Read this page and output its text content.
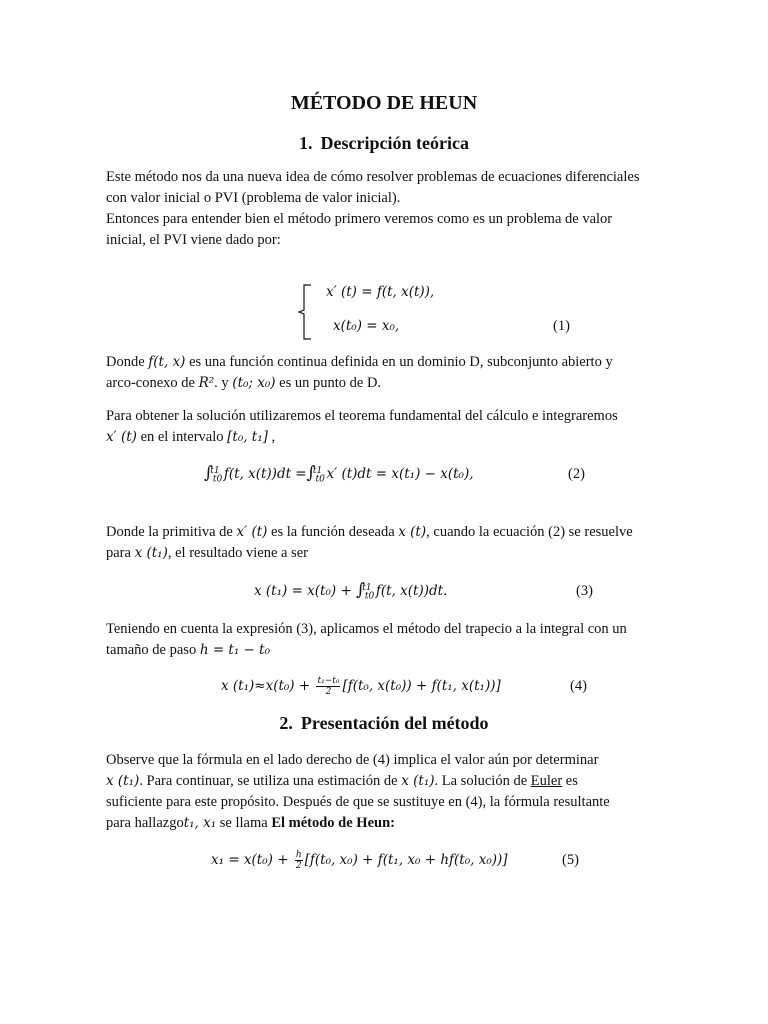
MÉTODO DE HEUN
1. Descripción teórica

Este método nos da una nueva idea de cómo resolver problemas de ecuaciones diferenciales

con valor inicial o PVI (problema de valor inicial).

Entonces para entender bien el método primero veremos como es un problema de valor

inicial, el PVI viene dado por:

x′ (t) = f(t, x(t)),
x(t₀) = x₀,	(1)

Donde f(t, x) es una función continua definida en un dominio D, subconjunto abierto y

arco-conexo de R². y (t₀; x₀) es un punto de D.

Para obtener la solución utilizaremos el teorema fundamental del cálculo e integraremos

x′ (t) en el intervalo [t₀, t₁] ,

$\int_{t0}^{t1}$ f(t, $x(t))dt =\int_{t0}^{t1}$ x′ (t)dt = x(t₁) − x(t₀),	(2)

Donde la primitiva de x′ (t) es la función deseada x (t), cuando la ecuación (2) se resuelve

para x (t₁), el resultado viene a ser

x $(t_1) = x(t_0) + \int_{t0}^{t1}$ f(t, x(t))dt.	(3)

Teniendo en cuenta la expresión (3), aplicamos el método del trapecio a la integral con un

tamaño de paso h = t₁ − t₀

x $(t_1)\approx x(t_0) + \frac{\text{t₁−t₀}}{2} [f(t_0$, x(t₀)) + f(t₁, x(t₁))]	(4)
2. Presentación del método

Observe que la fórmula en el lado derecho de (4) implica el valor aún por determinar

x (t₁). Para continuar, se utiliza una estimación de x (t₁). La solución de Euler es

suficiente para este propósito. Después de que se sustituye en (4), la fórmula resultante

para hallazgot₁, x₁ se llama El método de Heun:

$x_1 = x(t_0) + \frac{h}{2} [f(t_0$, x₀) + f(t₁, x₀ + hf(t₀, x₀))]	(5)
